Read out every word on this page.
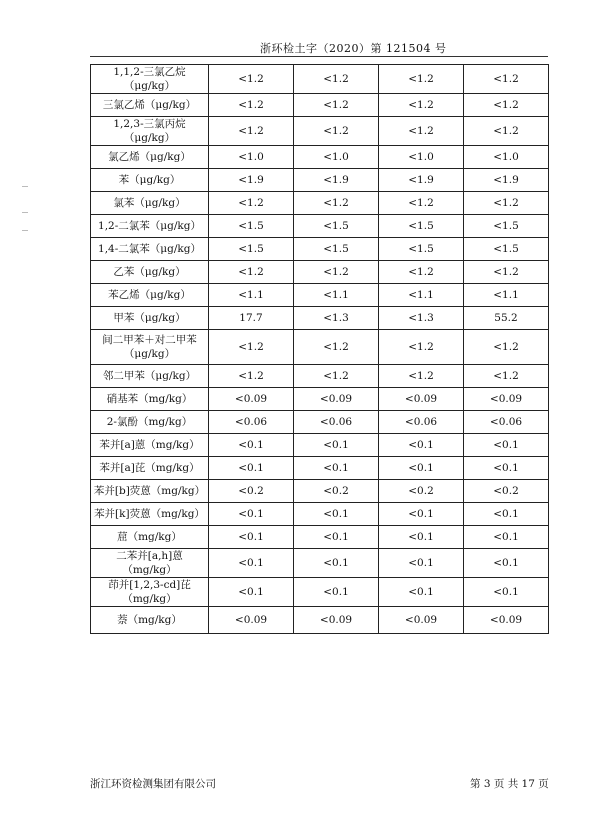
浙环检土字（2020）第 121504 号
1,1,2-三氯乙烷（μg/kg）	<1.2	<1.2	<1.2	<1.2
三氯乙烯（μg/kg）	<1.2	<1.2	<1.2	<1.2
1,2,3-三氯丙烷（μg/kg）	<1.2	<1.2	<1.2	<1.2
氯乙烯（μg/kg）	<1.0	<1.0	<1.0	<1.0
苯（μg/kg）	<1.9	<1.9	<1.9	<1.9
氯苯（μg/kg）	<1.2	<1.2	<1.2	<1.2
1,2-二氯苯（μg/kg）	<1.5	<1.5	<1.5	<1.5
1,4-二氯苯（μg/kg）	<1.5	<1.5	<1.5	<1.5
乙苯（μg/kg）	<1.2	<1.2	<1.2	<1.2
苯乙烯（μg/kg）	<1.1	<1.1	<1.1	<1.1
甲苯（μg/kg）	17.7	<1.3	<1.3	55.2
间二甲苯＋对二甲苯（μg/kg）	<1.2	<1.2	<1.2	<1.2
邻二甲苯（μg/kg）	<1.2	<1.2	<1.2	<1.2
硝基苯（mg/kg）	<0.09	<0.09	<0.09	<0.09
2-氯酚（mg/kg）	<0.06	<0.06	<0.06	<0.06
苯并[a]蒽（mg/kg）	<0.1	<0.1	<0.1	<0.1
苯并[a]芘（mg/kg）	<0.1	<0.1	<0.1	<0.1
苯并[b]荧蒽（mg/kg）	<0.2	<0.2	<0.2	<0.2
苯并[k]荧蒽（mg/kg）	<0.1	<0.1	<0.1	<0.1
䓛（mg/kg）	<0.1	<0.1	<0.1	<0.1
二苯并[a,h]蒽（mg/kg）	<0.1	<0.1	<0.1	<0.1
茚并[1,2,3-cd]芘（mg/kg）	<0.1	<0.1	<0.1	<0.1
萘（mg/kg）	<0.09	<0.09	<0.09	<0.09
浙江环资检测集团有限公司	第 3 页 共 17 页
